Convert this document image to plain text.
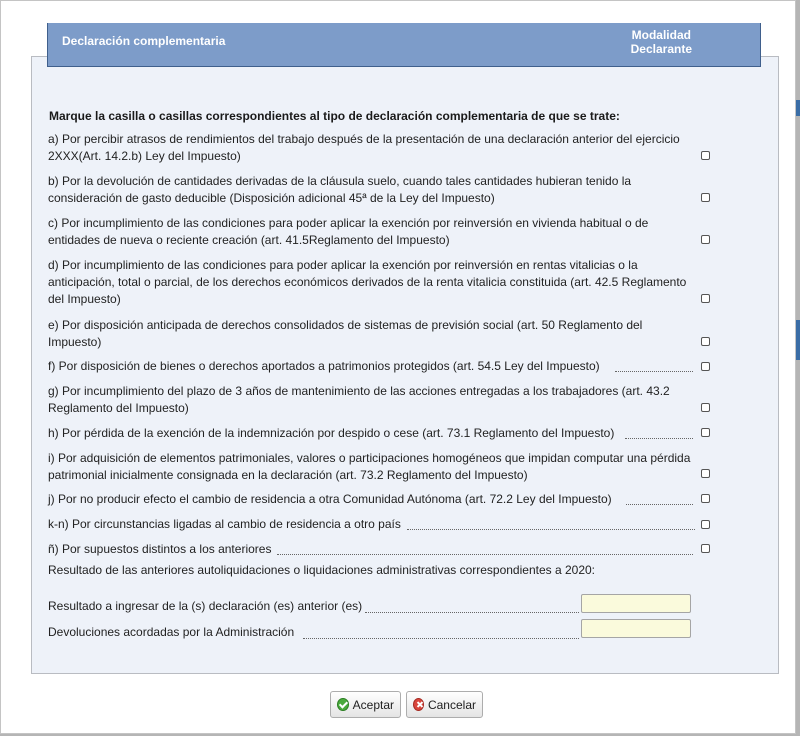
Declaración complementaria	Modalidad
Declarante
Marque la casilla o casillas correspondientes al tipo de declaración complementaria de que se trate:
a) Por percibir atrasos de rendimientos del trabajo después de la presentación de una declaración anterior del ejercicio 2XXX(Art. 14.2.b) Ley del Impuesto)
b) Por la devolución de cantidades derivadas de la cláusula suelo, cuando tales cantidades hubieran tenido la consideración de gasto deducible (Disposición adicional 45ª de la Ley del Impuesto)
c) Por incumplimiento de las condiciones para poder aplicar la exención por reinversión en vivienda habitual o de entidades de nueva o reciente creación (art. 41.5Reglamento del Impuesto)
d) Por incumplimiento de las condiciones para poder aplicar la exención por reinversión en rentas vitalicias o la anticipación, total o parcial, de los derechos económicos derivados de la renta vitalicia constituida (art. 42.5 Reglamento del Impuesto)
e) Por disposición anticipada de derechos consolidados de sistemas de previsión social (art. 50 Reglamento del Impuesto)
f) Por disposición de bienes o derechos aportados a patrimonios protegidos (art. 54.5 Ley del Impuesto)
g) Por incumplimiento del plazo de 3 años de mantenimiento de las acciones entregadas a los trabajadores (art. 43.2 Reglamento del Impuesto)
h) Por pérdida de la exención de la indemnización por despido o cese (art. 73.1 Reglamento del Impuesto)
i) Por adquisición de elementos patrimoniales, valores o participaciones homogéneos que impidan computar una pérdida patrimonial inicialmente consignada en la declaración (art. 73.2 Reglamento del Impuesto)
j) Por no producir efecto el cambio de residencia a otra Comunidad Autónoma (art. 72.2 Ley del Impuesto)
k-n) Por circunstancias ligadas al cambio de residencia a otro país
ñ) Por supuestos distintos a los anteriores
Resultado de las anteriores autoliquidaciones o liquidaciones administrativas correspondientes a 2020:
Resultado a ingresar de la (s) declaración (es) anterior (es)
Devoluciones acordadas por la Administración
Aceptar	Cancelar
